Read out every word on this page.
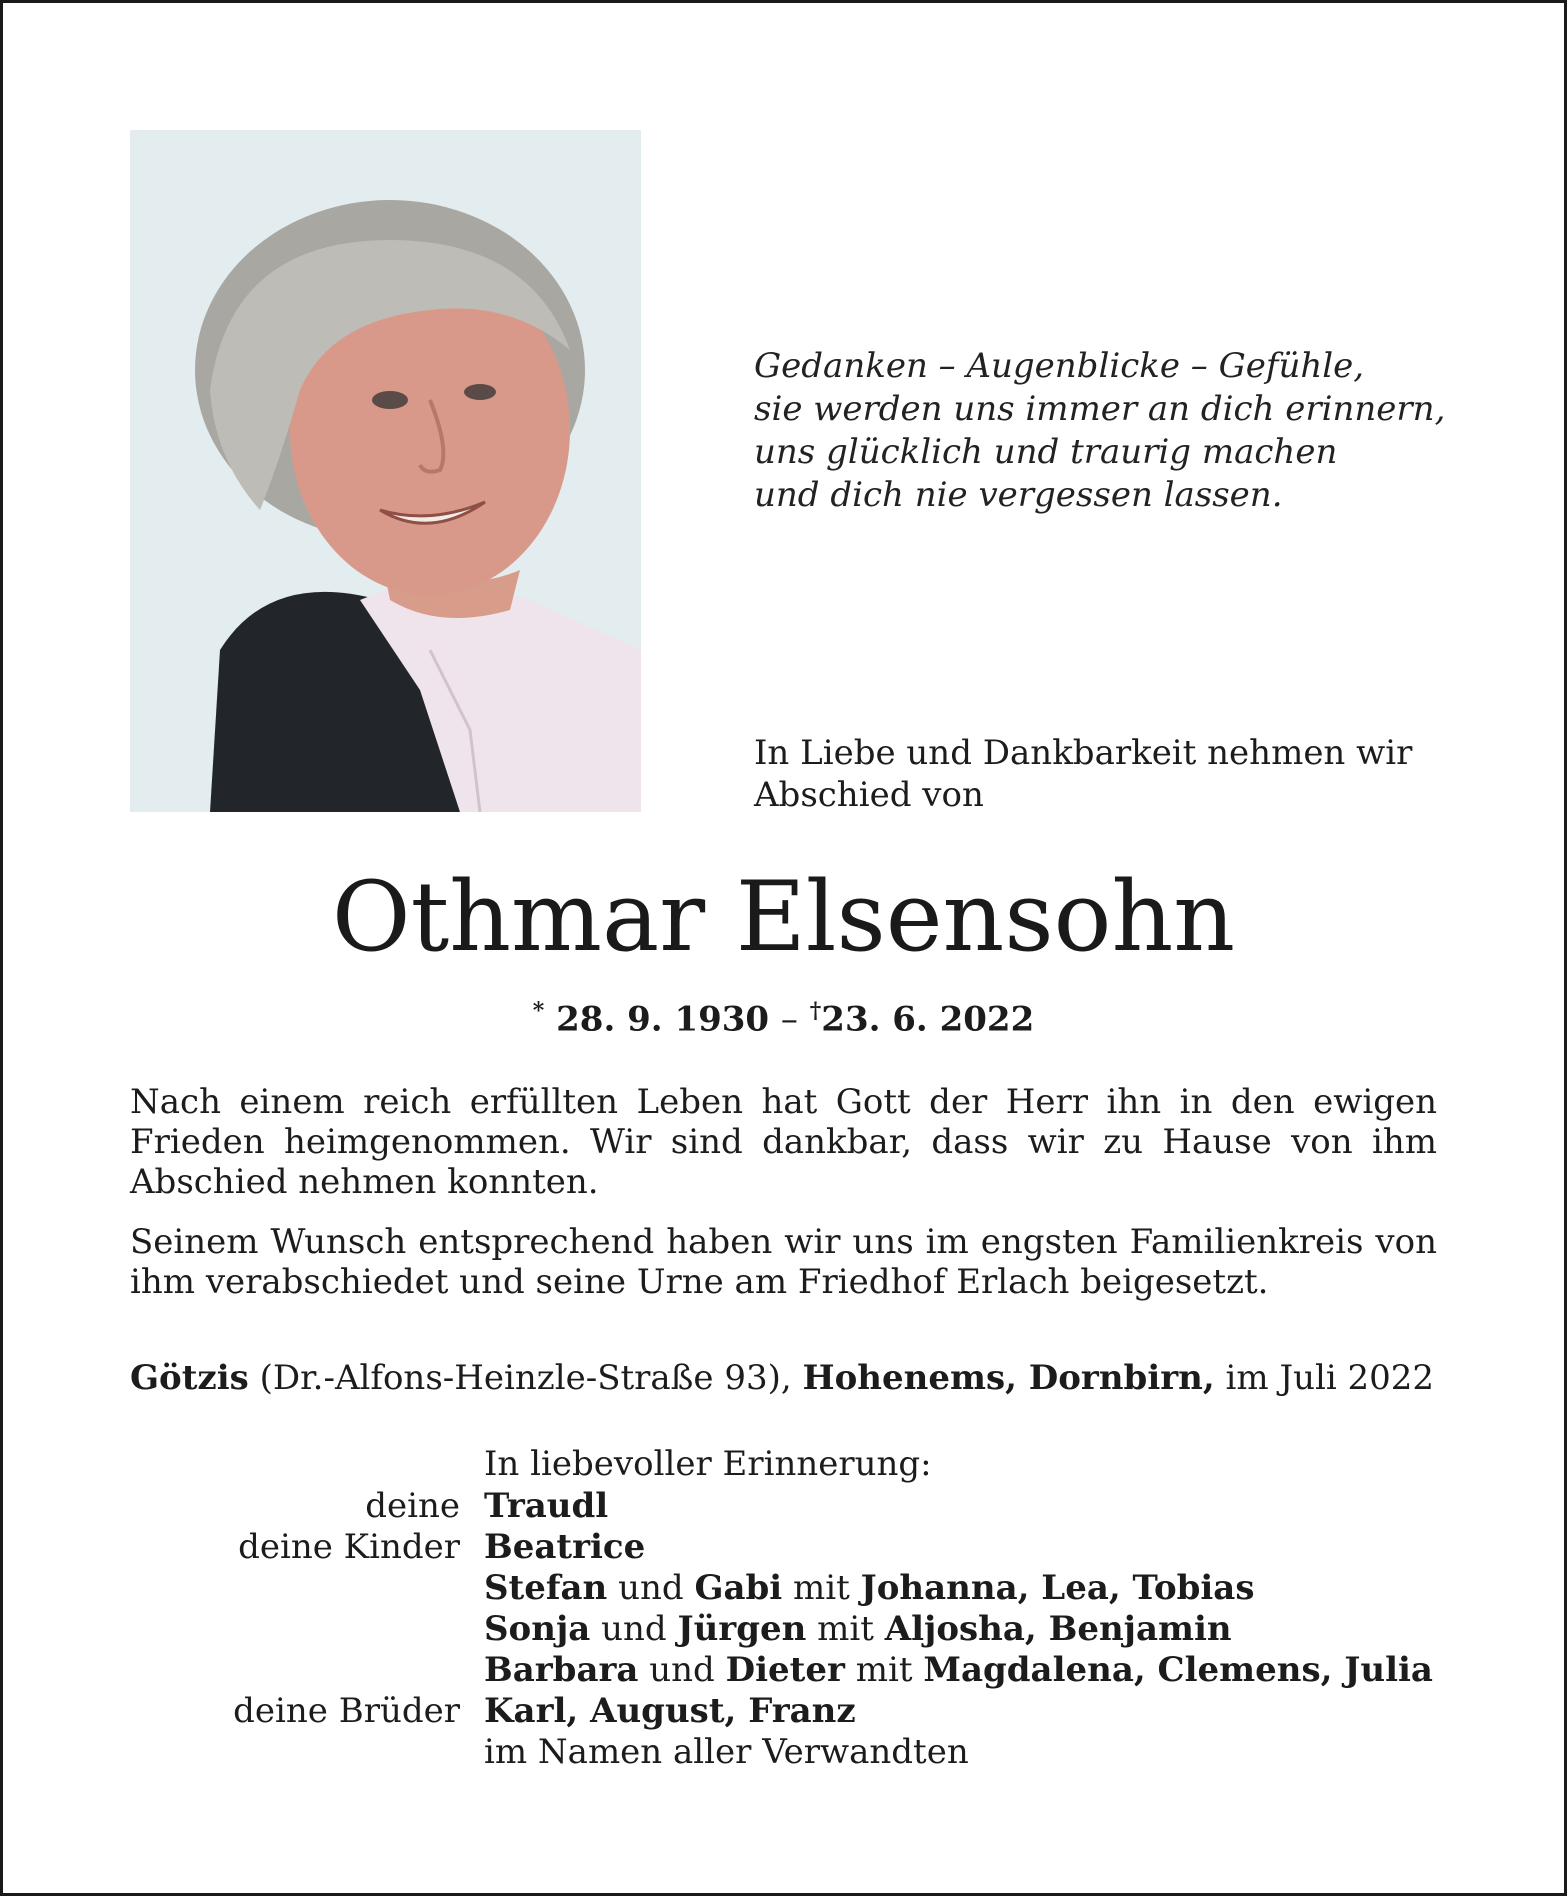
Gedanken – Augenblicke – Gefühle,
sie werden uns immer an dich erinnern,
uns glücklich und traurig machen
und dich nie vergessen lassen.
In Liebe und Dankbarkeit nehmen wir
Abschied von
Othmar Elsensohn
* 28. 9. 1930 – †23. 6. 2022
Nach einem reich erfüllten Leben hat Gott der Herr ihn in den ewigen Frieden heimgenommen. Wir sind dankbar, dass wir zu Hause von ihm Abschied nehmen konnten.
Seinem Wunsch entsprechend haben wir uns im engsten Familienkreis von ihm verabschiedet und seine Urne am Friedhof Erlach beigesetzt.
Götzis (Dr.-Alfons-Heinzle-Straße 93), Hohenems, Dornbirn, im Juli 2022
In liebevoller Erinnerung:
deine Traudl
deine Kinder Beatrice
Stefan und Gabi mit Johanna, Lea, Tobias
Sonja und Jürgen mit Aljosha, Benjamin
Barbara und Dieter mit Magdalena, Clemens, Julia
deine Brüder Karl, August, Franz
im Namen aller Verwandten
